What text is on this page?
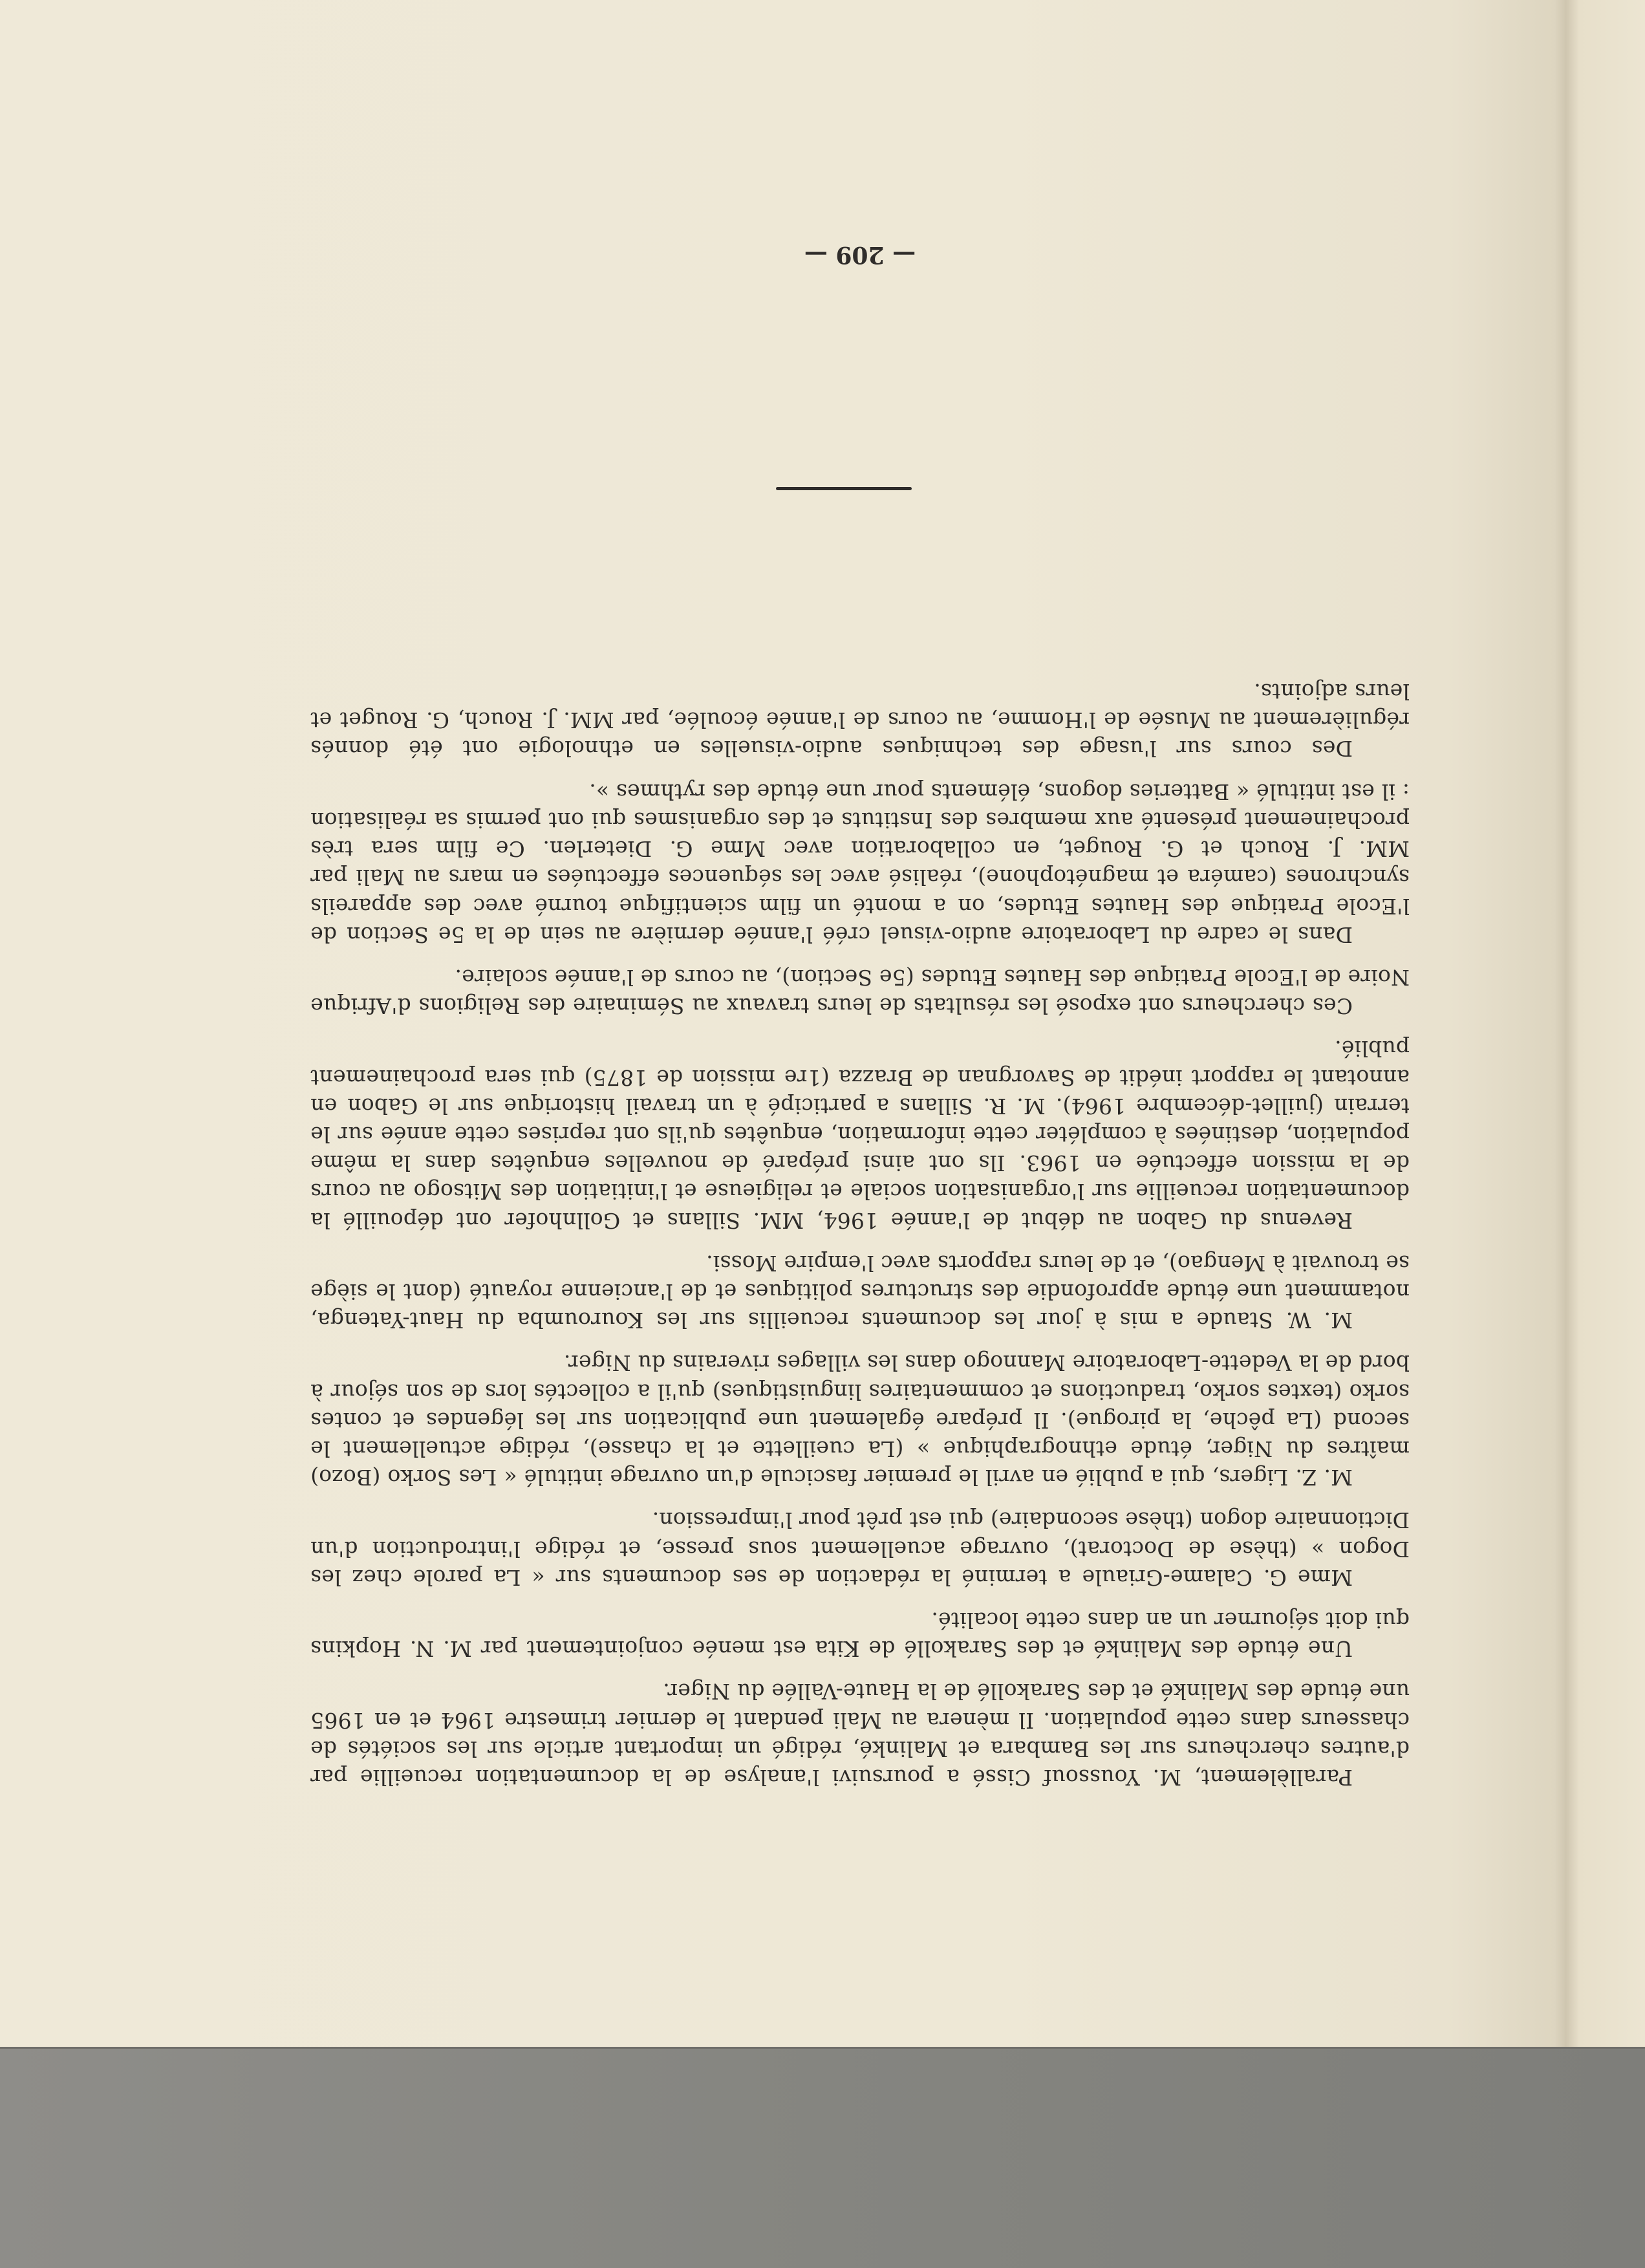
Parallèlement, M. Youssouf Cissé a poursuivi l'analyse de la documentation recueillie par d'autres chercheurs sur les Bambara et Malinké, rédigé un important article sur les sociétés de chasseurs dans cette population. Il mènera au Mali pendant le dernier trimestre 1964 et en 1965 une étude des Malinké et des Sarakollé de la Haute-Vallée du Niger.

Une étude des Malinké et des Sarakollé de Kita est menée conjointement par M. N. Hopkins qui doit séjourner un an dans cette localité.

Mme G. Calame-Griaule a terminé la rédaction de ses documents sur « La parole chez les Dogon » (thèse de Doctorat), ouvrage acuellement sous presse, et rédige l'introduction d'un Dictionnaire dogon (thèse secondaire) qui est prêt pour l'impression.

M. Z. Ligers, qui a publié en avril le premier fascicule d'un ouvrage intitulé « Les Sorko (Bozo) maîtres du Niger, étude ethnographique » (La cueillette et la chasse), rédige actuellement le second (La pêche, la pirogue). Il prépare également une publication sur les légendes et contes sorko (textes sorko, traductions et commentaires linguistiques) qu'il a collectés lors de son séjour à bord de la Vedette-Laboratoire Mannogo dans les villages riverains du Niger.

M. W. Staude a mis à jour les documents recueillis sur les Kouroumba du Haut-Yatenga, notamment une étude approfondie des structures politiques et de l'ancienne royauté (dont le siège se trouvait à Mengao), et de leurs rapports avec l'empire Mossi.

Revenus du Gabon au début de l'année 1964, MM. Sillans et Gollnhofer ont dépouillé la documentation recueillie sur l'organisation sociale et religieuse et l'initiation des Mitsogo au cours de la mission effectuée en 1963. Ils ont ainsi préparé de nouvelles enquêtes dans la même population, destinées à compléter cette information, enquêtes qu'ils ont reprises cette année sur le terrain (juillet-décembre 1964). M. R. Sillans a participé à un travail historique sur le Gabon en annotant le rapport inédit de Savorgnan de Brazza (1re mission de 1875) qui sera prochainement publié.

Ces chercheurs ont exposé les résultats de leurs travaux au Séminaire des Religions d'Afrique Noire de l'Ecole Pratique des Hautes Etudes (5e Section), au cours de l'année scolaire.

Dans le cadre du Laboratoire audio-visuel créé l'année dernière au sein de la 5e Section de l'Ecole Pratique des Hautes Etudes, on a monté un film scientifique tourné avec des appareils synchrones (caméra et magnétophone), réalisé avec les séquences effectuées en mars au Mali par MM. J. Rouch et G. Rouget, en collaboration avec Mme G. Dieterlen. Ce film sera très prochainement présenté aux membres des Instituts et des organismes qui ont permis sa réalisation : il est intitulé « Batteries dogons, éléments pour une étude des rythmes ».

Des cours sur l'usage des techniques audio-visuelles en ethnologie ont été donnés régulièrement au Musée de l'Homme, au cours de l'année écoulée, par MM. J. Rouch, G. Rouget et leurs adjoints.

— 209 —
